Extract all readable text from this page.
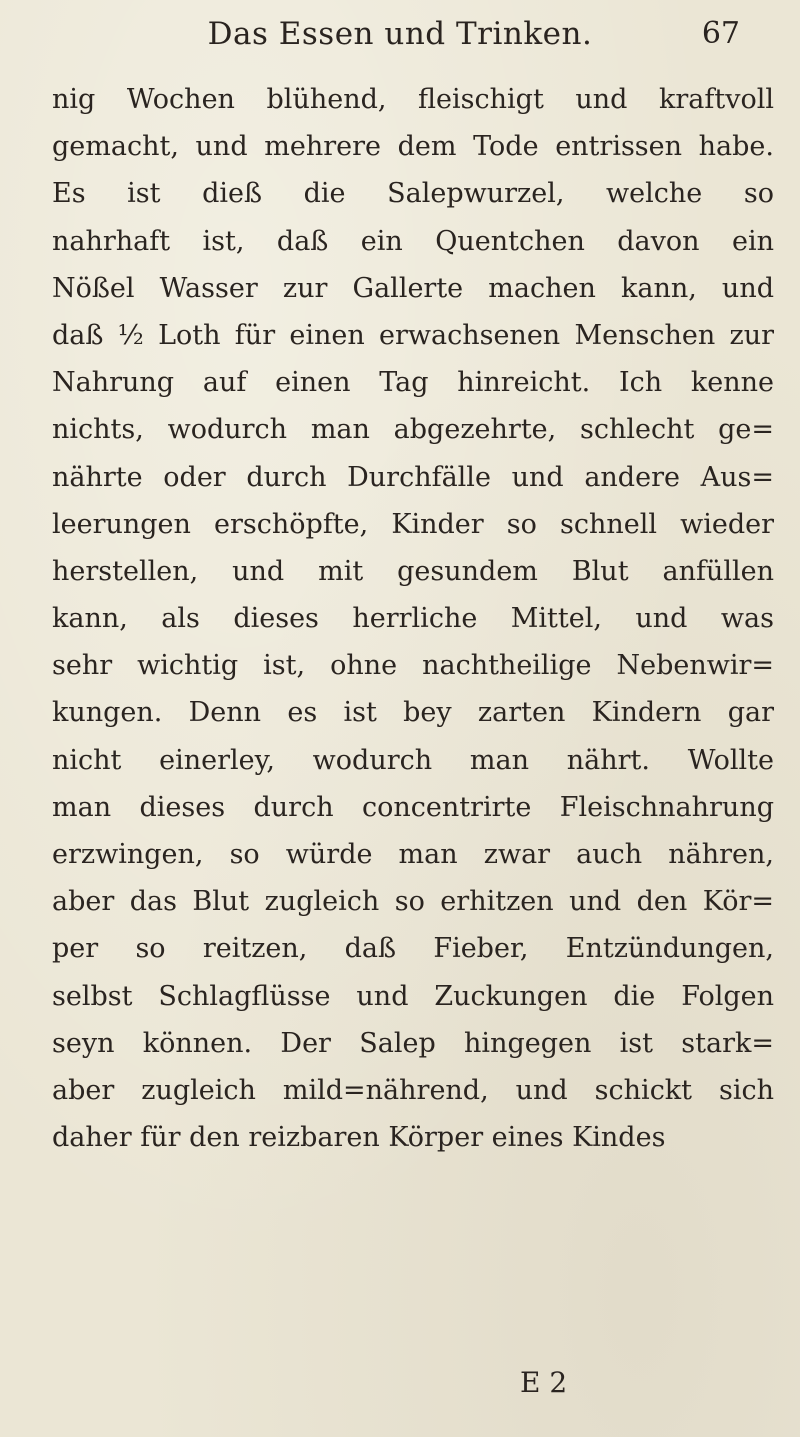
Das Essen und Trinken.	67
nig Wochen blühend, fleischigt und kraftvoll
gemacht, und mehrere dem Tode entrissen habe.
Es ist dieß die Salepwurzel, welche so
nahrhaft ist, daß ein Quentchen davon ein
Nößel Wasser zur Gallerte machen kann, und
daß ½ Loth für einen erwachsenen Menschen zur
Nahrung auf einen Tag hinreicht. Ich kenne
nichts, wodurch man abgezehrte, schlecht ge=
nährte oder durch Durchfälle und andere Aus=
leerungen erschöpfte, Kinder so schnell wieder
herstellen, und mit gesundem Blut anfüllen
kann, als dieses herrliche Mittel, und was
sehr wichtig ist, ohne nachtheilige Nebenwir=
kungen. Denn es ist bey zarten Kindern gar
nicht einerley, wodurch man nährt. Wollte
man dieses durch concentrirte Fleischnahrung
erzwingen, so würde man zwar auch nähren,
aber das Blut zugleich so erhitzen und den Kör=
per so reitzen, daß Fieber, Entzündungen,
selbst Schlagflüsse und Zuckungen die Folgen
seyn können. Der Salep hingegen ist stark=
aber zugleich mild=nährend, und schickt sich
daher für den reizbaren Körper eines Kindes
E 2
